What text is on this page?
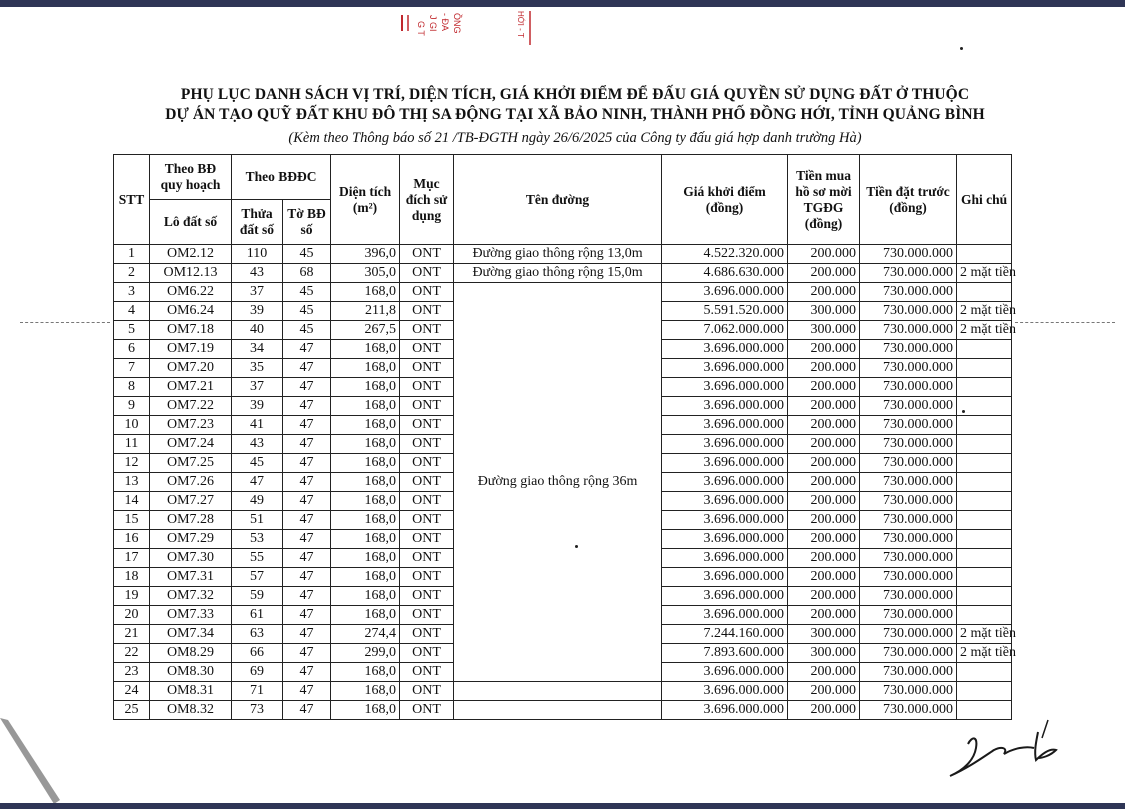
G T J GI - ĐA ỒNG	HỚI - T
PHỤ LỤC DANH SÁCH VỊ TRÍ, DIỆN TÍCH, GIÁ KHỞI ĐIỂM ĐỂ ĐẤU GIÁ QUYỀN SỬ DỤNG ĐẤT Ở THUỘC
DỰ ÁN TẠO QUỸ ĐẤT KHU ĐÔ THỊ SA ĐỘNG TẠI XÃ BẢO NINH, THÀNH PHỐ ĐỒNG HỚI, TỈNH QUẢNG BÌNH
(Kèm theo Thông báo số 21 /TB-ĐGTH ngày 26/6/2025 của Công ty đấu giá hợp danh trường Hà)
STT	Theo BĐ quy hoạch	Theo BĐĐC		Diện tích
(m²)	Mục đích sử dụng	Tên đường	Giá khởi điểm (đồng)	Tiền mua hồ sơ mời TGĐG (đồng)	Tiền đặt trước (đồng)	Ghi chú
	Lô đất số	Thửa đất số	Tờ BĐ số							
1	OM2.12	110	45	396,0	ONT	Đường giao thông rộng 13,0m	4.522.320.000	200.000	730.000.000	
2	OM12.13	43	68	305,0	ONT	Đường giao thông rộng 15,0m	4.686.630.000	200.000	730.000.000	2 mặt tiền
3	OM6.22	37	45	168,0	ONT	Đường giao thông rộng 36m	3.696.000.000	200.000	730.000.000	
4	OM6.24	39	45	211,8	ONT		5.591.520.000	300.000	730.000.000	2 mặt tiền
5	OM7.18	40	45	267,5	ONT		7.062.000.000	300.000	730.000.000	2 mặt tiền
6	OM7.19	34	47	168,0	ONT		3.696.000.000	200.000	730.000.000	
7	OM7.20	35	47	168,0	ONT		3.696.000.000	200.000	730.000.000	
8	OM7.21	37	47	168,0	ONT		3.696.000.000	200.000	730.000.000	
9	OM7.22	39	47	168,0	ONT		3.696.000.000	200.000	730.000.000	
10	OM7.23	41	47	168,0	ONT		3.696.000.000	200.000	730.000.000	
11	OM7.24	43	47	168,0	ONT		3.696.000.000	200.000	730.000.000	
12	OM7.25	45	47	168,0	ONT		3.696.000.000	200.000	730.000.000	
13	OM7.26	47	47	168,0	ONT		3.696.000.000	200.000	730.000.000	
14	OM7.27	49	47	168,0	ONT		3.696.000.000	200.000	730.000.000	
15	OM7.28	51	47	168,0	ONT		3.696.000.000	200.000	730.000.000	
16	OM7.29	53	47	168,0	ONT		3.696.000.000	200.000	730.000.000	
17	OM7.30	55	47	168,0	ONT		3.696.000.000	200.000	730.000.000	
18	OM7.31	57	47	168,0	ONT		3.696.000.000	200.000	730.000.000	
19	OM7.32	59	47	168,0	ONT		3.696.000.000	200.000	730.000.000	
20	OM7.33	61	47	168,0	ONT		3.696.000.000	200.000	730.000.000	
21	OM7.34	63	47	274,4	ONT		7.244.160.000	300.000	730.000.000	2 mặt tiền
22	OM8.29	66	47	299,0	ONT		7.893.600.000	300.000	730.000.000	2 mặt tiền
23	OM8.30	69	47	168,0	ONT		3.696.000.000	200.000	730.000.000	
24	OM8.31	71	47	168,0	ONT		3.696.000.000	200.000	730.000.000	
25	OM8.32	73	47	168,0	ONT		3.696.000.000	200.000	730.000.000	
